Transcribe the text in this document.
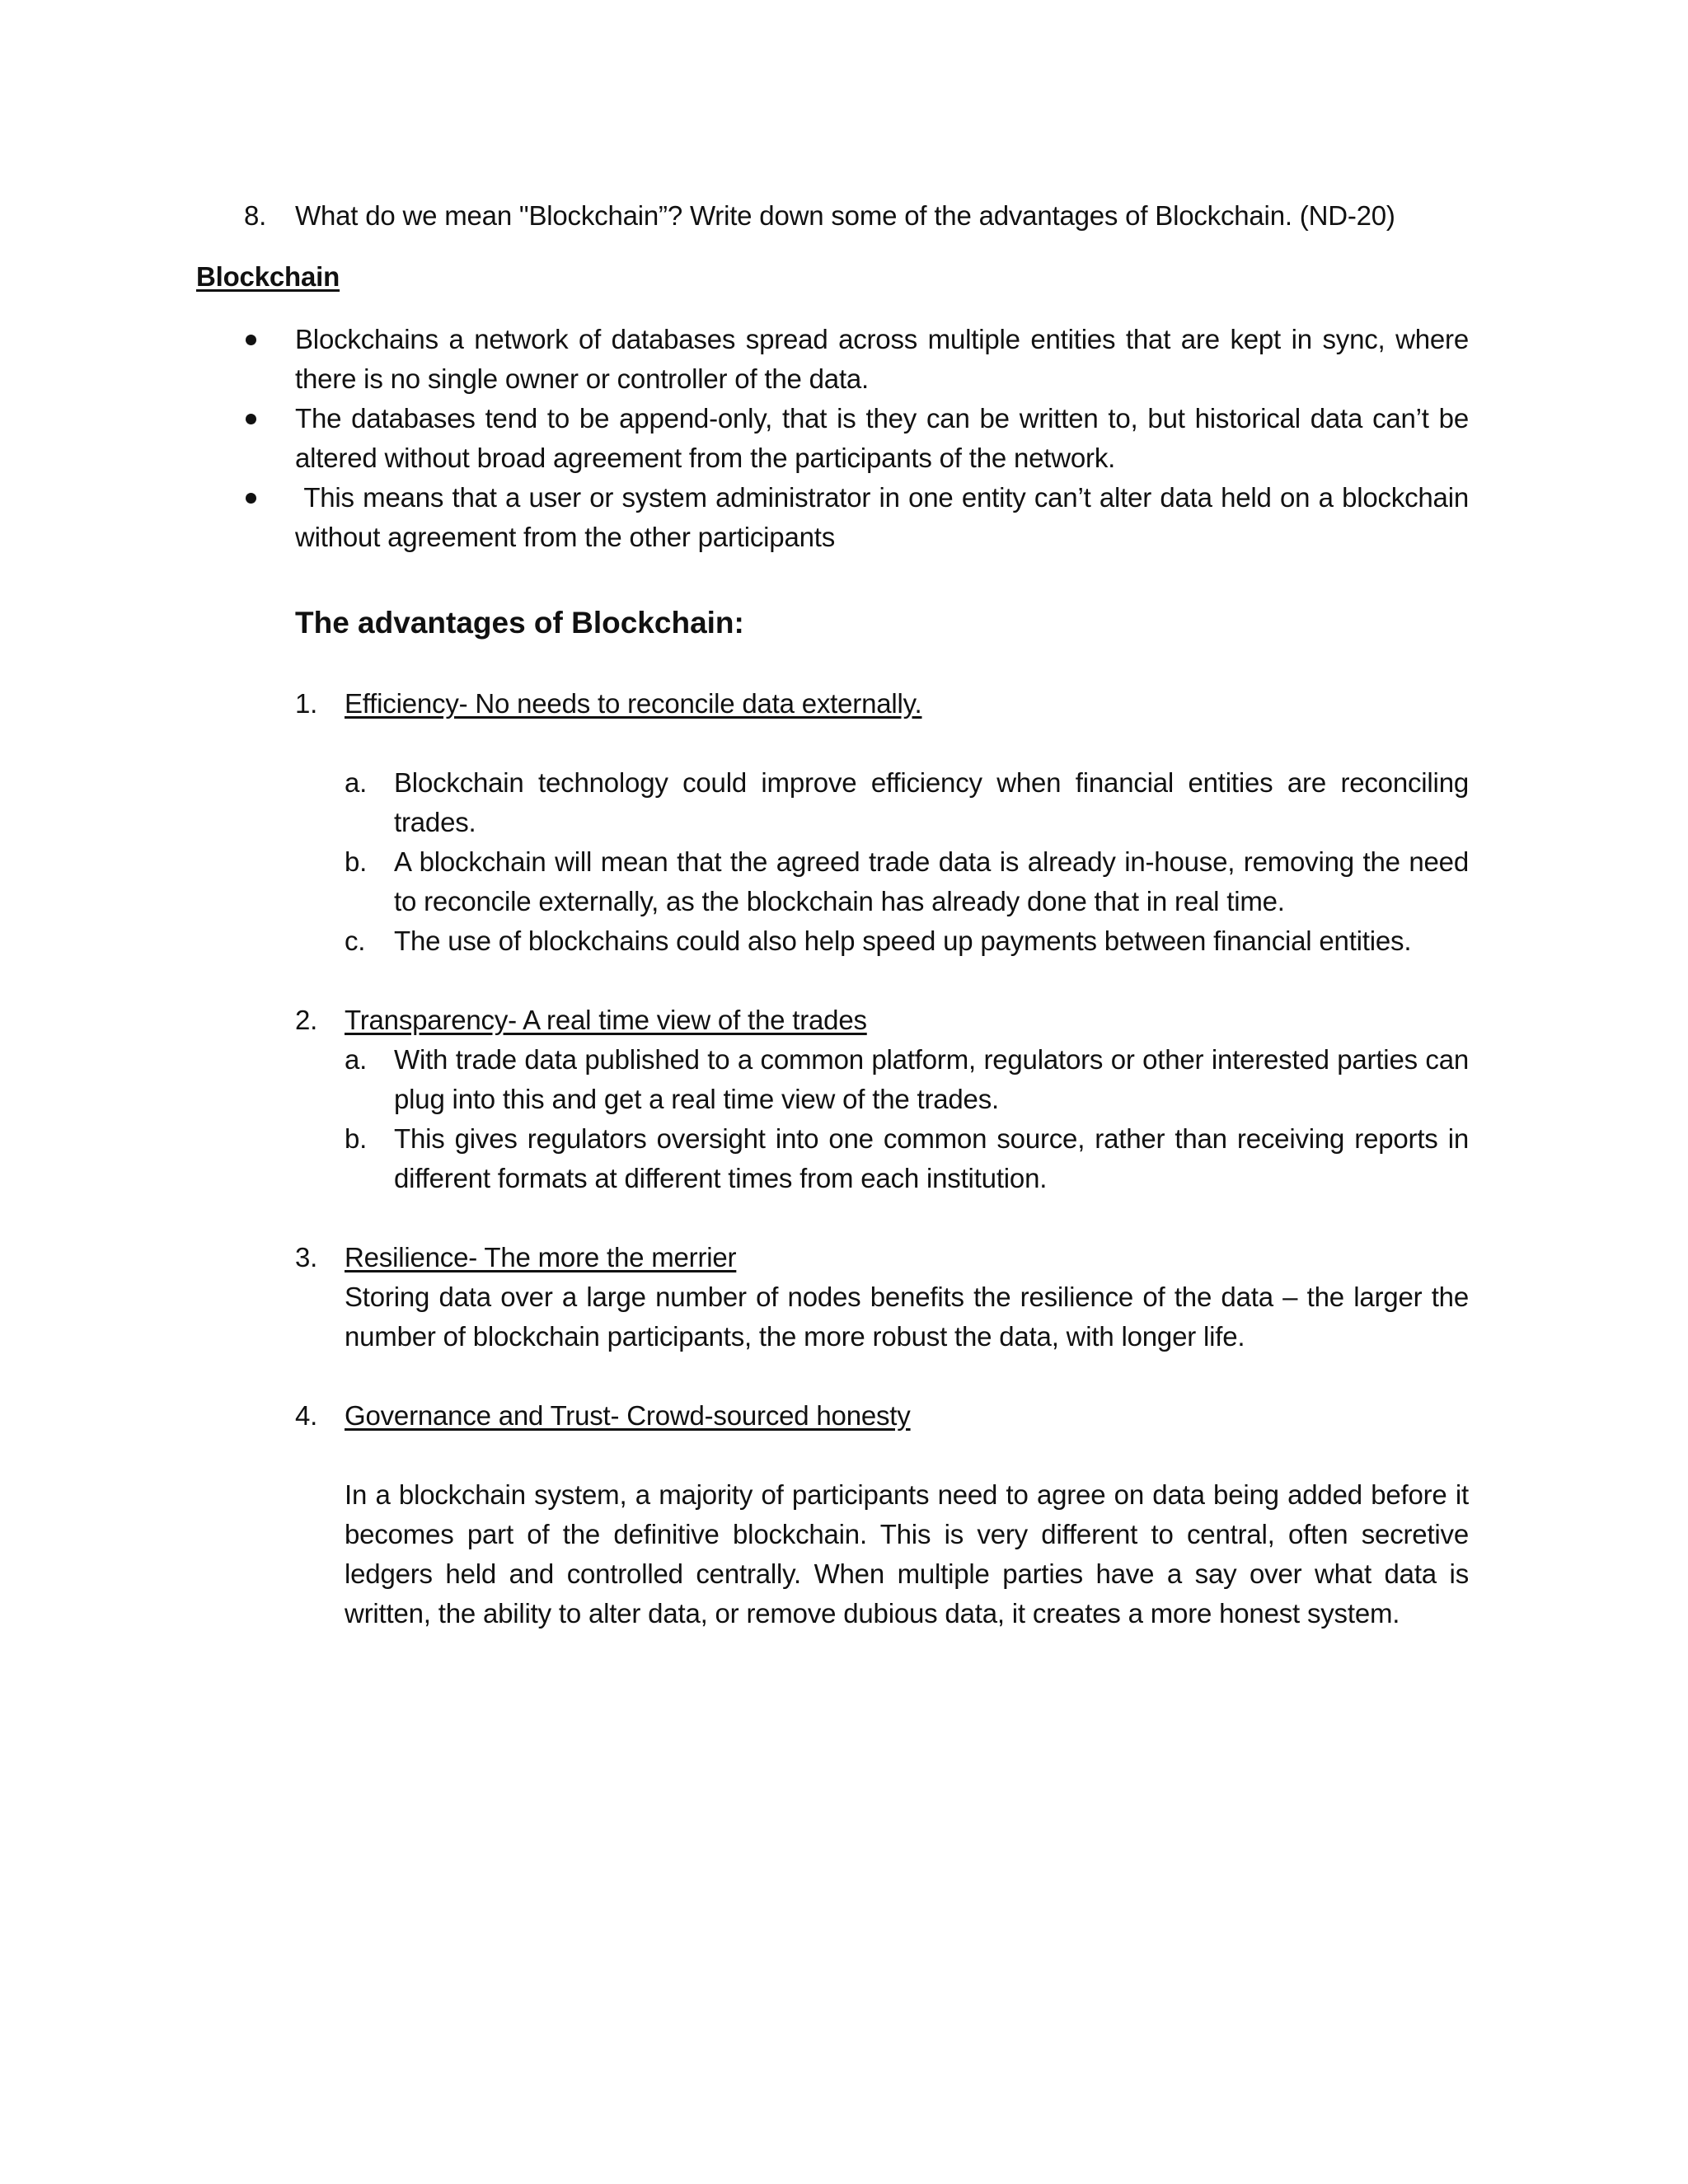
8. What do we mean "Blockchain”? Write down some of the advantages of Blockchain. (ND-20)
Blockchain
Blockchains a network of databases spread across multiple entities that are kept in sync, where there is no single owner or controller of the data.
The databases tend to be append-only, that is they can be written to, but historical data can’t be altered without broad agreement from the participants of the network.
This means that a user or system administrator in one entity can’t alter data held on a blockchain without agreement from the other participants
The advantages of Blockchain:
1. Efficiency- No needs to reconcile data externally.
a. Blockchain technology could improve efficiency when financial entities are reconciling trades.
b. A blockchain will mean that the agreed trade data is already in-house, removing the need to reconcile externally, as the blockchain has already done that in real time.
c. The use of blockchains could also help speed up payments between financial entities.
2. Transparency- A real time view of the trades
a. With trade data published to a common platform, regulators or other interested parties can plug into this and get a real time view of the trades.
b. This gives regulators oversight into one common source, rather than receiving reports in different formats at different times from each institution.
3. Resilience- The more the merrier
Storing data over a large number of nodes benefits the resilience of the data – the larger the number of blockchain participants, the more robust the data, with longer life.
4. Governance and Trust- Crowd-sourced honesty
In a blockchain system, a majority of participants need to agree on data being added before it becomes part of the definitive blockchain. This is very different to central, often secretive ledgers held and controlled centrally. When multiple parties have a say over what data is written, the ability to alter data, or remove dubious data, it creates a more honest system.
